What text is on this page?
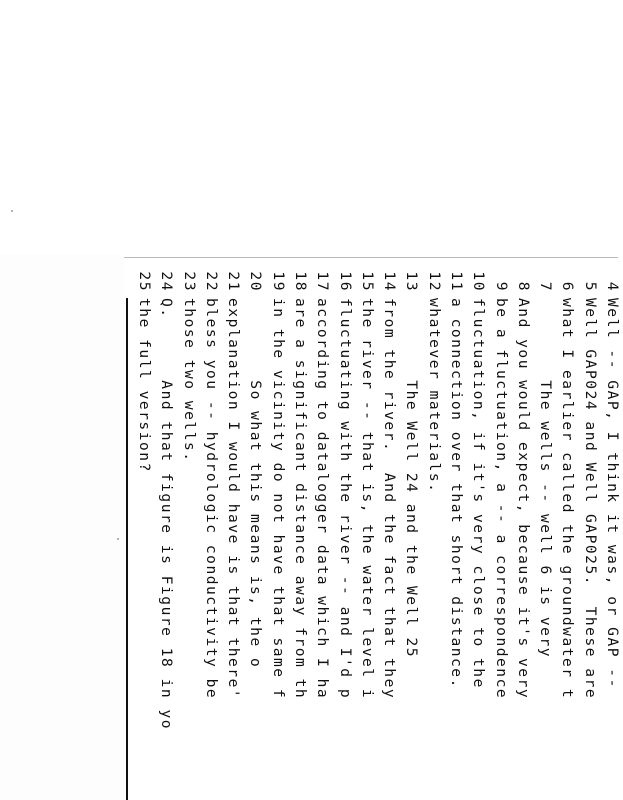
4
Well -- GAP, I think it was, or GAP --
5
Well GAP024 and Well GAP025.  These are
6
what I earlier called the groundwater t
7
The wells -- well 6 is very
8
And you would expect, because it's very
9
be a fluctuation, a -- a correspondence
10
fluctuation, if it's very close to the
11
a connection over that short distance.
12
whatever materials.
13
The Well 24 and the Well 25
14
from the river.  And the fact that they
15
the river -- that is, the water level i
16
fluctuating with the river -- and I'd p
17
according to datalogger data which I ha
18
are a significant distance away from th
19
in the vicinity do not have that same f
20
So what this means is, the o
21
explanation I would have is that there'
22
bless you -- hydrologic conductivity be
23
those two wells.
24
Q.      And that figure is Figure 18 in yo
25
the full version?
